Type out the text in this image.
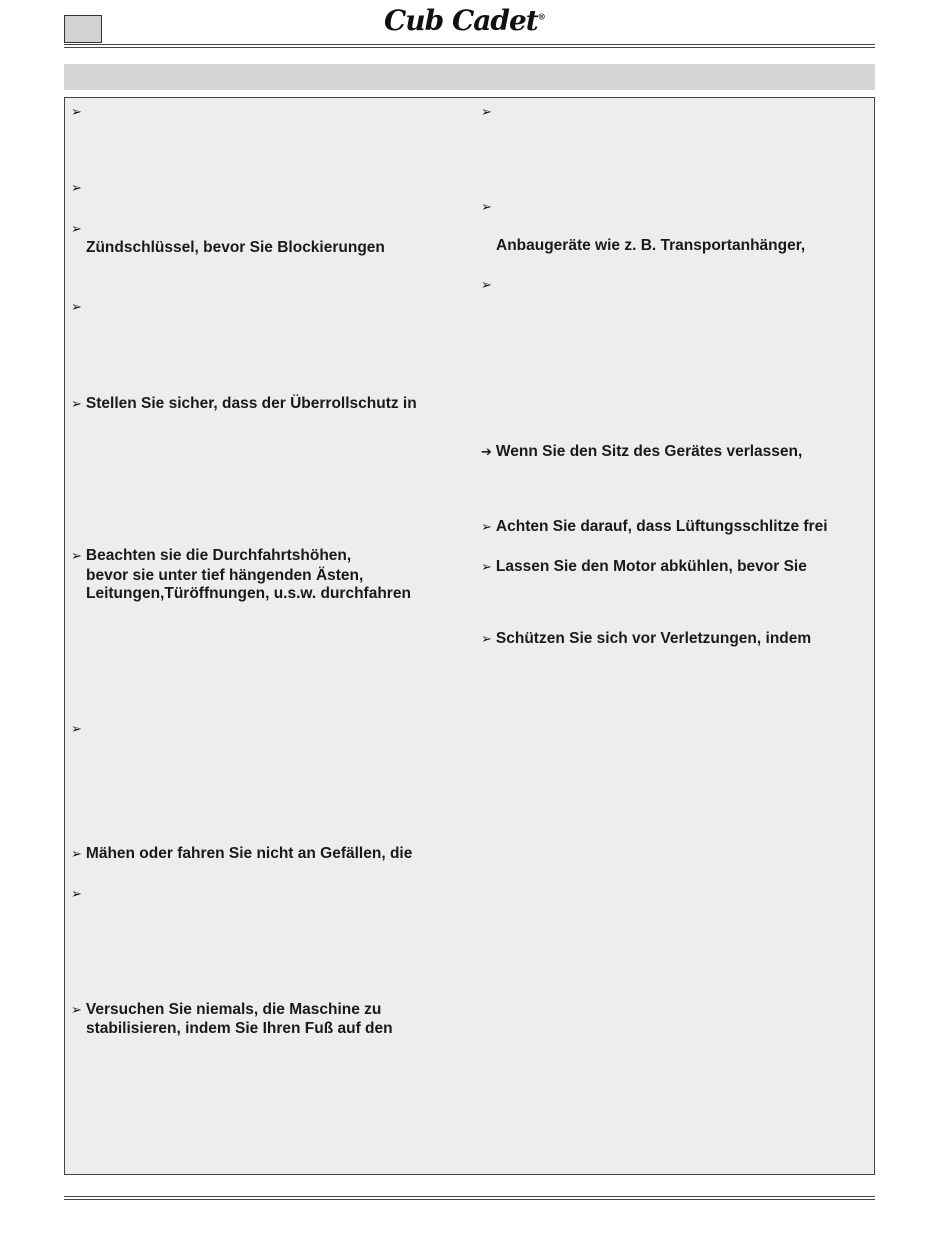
Cub Cadet®
➢
➢
➢
Zündschlüssel, bevor Sie Blockierungen
➢
➢ Stellen Sie sicher, dass der Überrollschutz in
➢ Beachten sie die Durchfahrtshöhen,
bevor sie unter tief hängenden Ästen,
Leitungen,Türöffnungen, u.s.w. durchfahren
➢
➢ Mähen oder fahren Sie nicht an Gefällen, die
➢
➢ Versuchen Sie niemals, die Maschine zu
stabilisieren, indem Sie Ihren Fuß auf den
➢
➢
Anbaugeräte wie z. B. Transportanhänger,
➢
➔ Wenn Sie den Sitz des Gerätes verlassen,
➢ Achten Sie darauf, dass Lüftungsschlitze frei
➢ Lassen Sie den Motor abkühlen, bevor Sie
➢ Schützen Sie sich vor Verletzungen, indem
